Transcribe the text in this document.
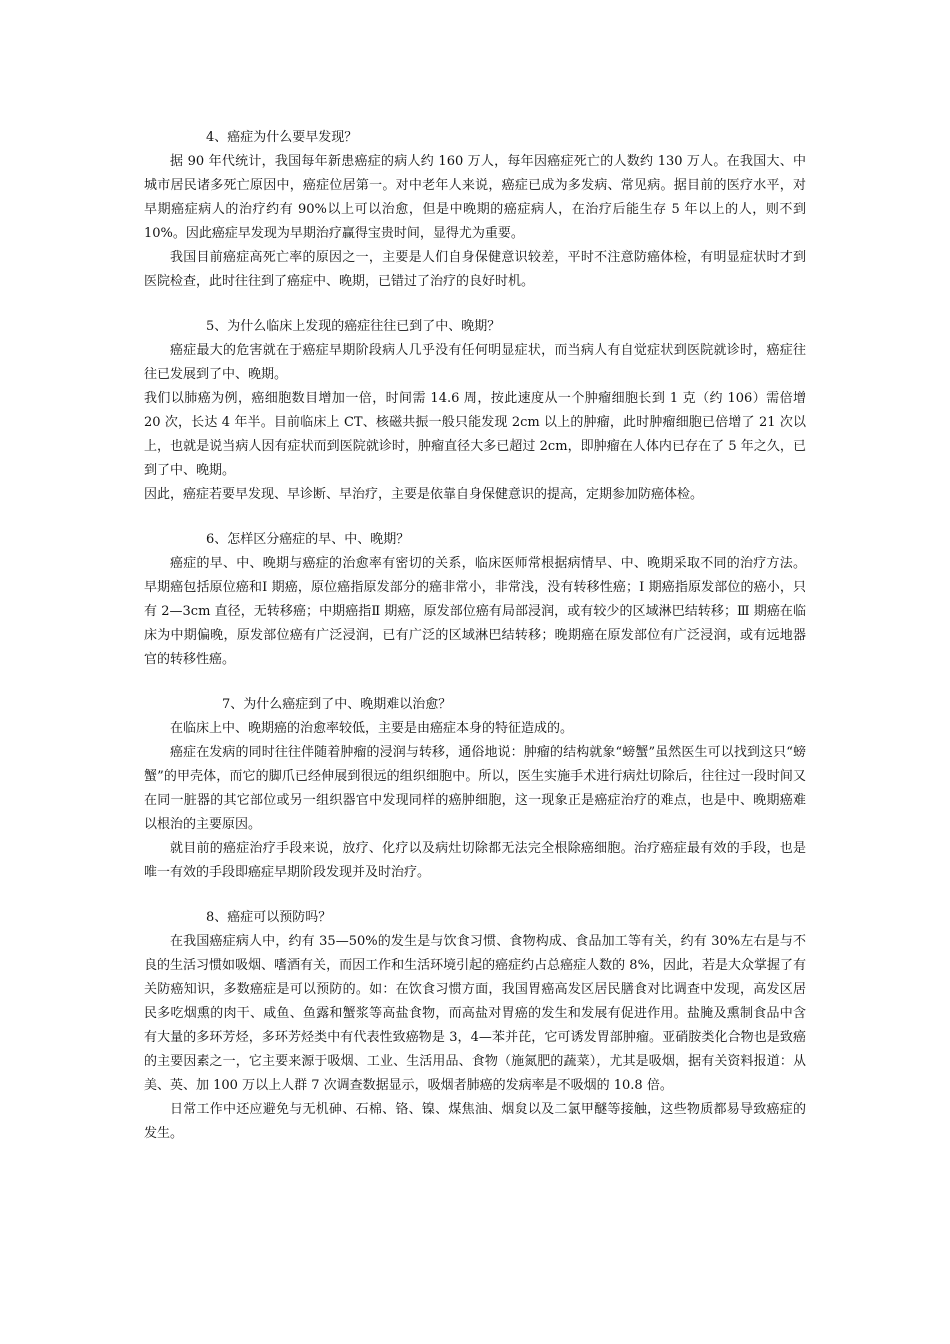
4、癌症为什么要早发现？

据 90 年代统计，我国每年新患癌症的病人约 160 万人，每年因癌症死亡的人数约 130 万人。在我国大、中城市居民诸多死亡原因中，癌症位居第一。对中老年人来说，癌症已成为多发病、常见病。据目前的医疗水平，对早期癌症病人的治疗约有 90%以上可以治愈，但是中晚期的癌症病人，在治疗后能生存 5 年以上的人，则不到 10%。因此癌症早发现为早期治疗赢得宝贵时间，显得尤为重要。

我国目前癌症高死亡率的原因之一，主要是人们自身保健意识较差，平时不注意防癌体检，有明显症状时才到医院检查，此时往往到了癌症中、晚期，已错过了治疗的良好时机。

5、为什么临床上发现的癌症往往已到了中、晚期？

癌症最大的危害就在于癌症早期阶段病人几乎没有任何明显症状，而当病人有自觉症状到医院就诊时，癌症往往已发展到了中、晚期。

我们以肺癌为例，癌细胞数目增加一倍，时间需 14.6 周，按此速度从一个肿瘤细胞长到 1 克（约 106）需倍增 20 次，长达 4 年半。目前临床上 CT、核磁共振一般只能发现 2cm 以上的肿瘤，此时肿瘤细胞已倍增了 21 次以上，也就是说当病人因有症状而到医院就诊时，肿瘤直径大多已超过 2cm，即肿瘤在人体内已存在了 5 年之久，已到了中、晚期。

因此，癌症若要早发现、早诊断、早治疗，主要是依靠自身保健意识的提高，定期参加防癌体检。

6、怎样区分癌症的早、中、晚期？

癌症的早、中、晚期与癌症的治愈率有密切的关系，临床医师常根据病情早、中、晚期采取不同的治疗方法。早期癌包括原位癌和Ⅰ 期癌，原位癌指原发部分的癌非常小，非常浅，没有转移性癌；Ⅰ 期癌指原发部位的癌小，只有 2—3cm 直径，无转移癌；中期癌指Ⅱ 期癌，原发部位癌有局部浸润，或有较少的区域淋巴结转移；Ⅲ 期癌在临床为中期偏晚，原发部位癌有广泛浸润，已有广泛的区域淋巴结转移；晚期癌在原发部位有广泛浸润，或有远地器官的转移性癌。

7、为什么癌症到了中、晚期难以治愈？

在临床上中、晚期癌的治愈率较低，主要是由癌症本身的特征造成的。

癌症在发病的同时往往伴随着肿瘤的浸润与转移，通俗地说：肿瘤的结构就象“螃蟹”虽然医生可以找到这只“螃蟹”的甲壳体，而它的脚爪已经伸展到很远的组织细胞中。所以，医生实施手术进行病灶切除后，往往过一段时间又在同一脏器的其它部位或另一组织器官中发现同样的癌肿细胞，这一现象正是癌症治疗的难点，也是中、晚期癌难以根治的主要原因。

就目前的癌症治疗手段来说，放疗、化疗以及病灶切除都无法完全根除癌细胞。治疗癌症最有效的手段，也是唯一有效的手段即癌症早期阶段发现并及时治疗。

8、癌症可以预防吗？

在我国癌症病人中，约有 35—50%的发生是与饮食习惯、食物构成、食品加工等有关，约有 30%左右是与不良的生活习惯如吸烟、嗜酒有关，而因工作和生活环境引起的癌症约占总癌症人数的 8%，因此，若是大众掌握了有关防癌知识，多数癌症是可以预防的。如：在饮食习惯方面，我国胃癌高发区居民膳食对比调查中发现，高发区居民多吃烟熏的肉干、咸鱼、鱼露和蟹浆等高盐食物，而高盐对胃癌的发生和发展有促进作用。盐腌及熏制食品中含有大量的多环芳烃，多环芳烃类中有代表性致癌物是 3，4—苯并芘，它可诱发胃部肿瘤。亚硝胺类化合物也是致癌的主要因素之一，它主要来源于吸烟、工业、生活用品、食物（施氮肥的蔬菜），尤其是吸烟，据有关资料报道：从美、英、加 100 万以上人群 7 次调查数据显示，吸烟者肺癌的发病率是不吸烟的 10.8 倍。

日常工作中还应避免与无机砷、石棉、铬、镍、煤焦油、烟炱以及二氯甲醚等接触，这些物质都易导致癌症的发生。
